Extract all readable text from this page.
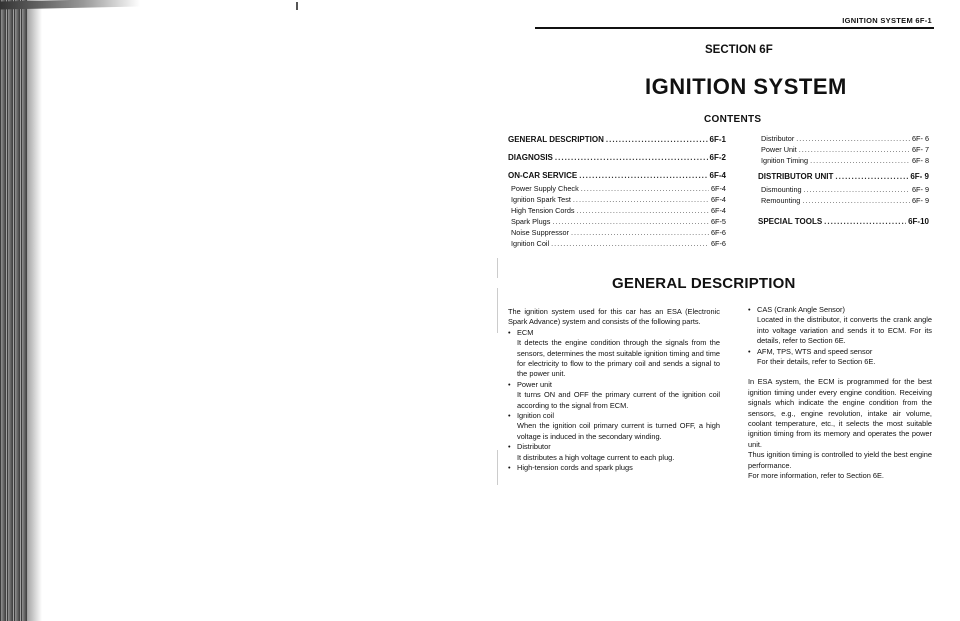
IGNITION SYSTEM 6F-1
SECTION 6F
IGNITION SYSTEM
CONTENTS
GENERAL DESCRIPTION .....	6F-1
DIAGNOSIS .....	6F-2
ON-CAR SERVICE .....	6F-4
Power Supply Check .....	6F-4
Ignition Spark Test .....	6F-4
High Tension Cords .....	6F-4
Spark Plugs .....	6F-5
Noise Suppressor .....	6F-6
Ignition Coil .....	6F-6
Distributor .....	6F- 6
Power Unit .....	6F- 7
Ignition Timing .....	6F- 8
DISTRIBUTOR UNIT .....	6F- 9
Dismounting .....	6F- 9
Remounting .....	6F- 9
SPECIAL TOOLS .....	6F-10
GENERAL DESCRIPTION

The ignition system used for this car has an ESA (Electronic Spark Advance) system and consists of the following parts.

• ECM
It detects the engine condition through the signals from the sensors, determines the most suitable ignition timing and time for electricity to flow to the primary coil and sends a signal to the power unit.
• Power unit
It turns ON and OFF the primary current of the ignition coil according to the signal from ECM.
• Ignition coil
When the ignition coil primary current is turned OFF, a high voltage is induced in the secondary winding.
• Distributor
It distributes a high voltage current to each plug.
• High-tension cords and spark plugs
• CAS (Crank Angle Sensor)
Located in the distributor, it converts the crank angle into voltage variation and sends it to ECM. For its details, refer to Section 6E.
• AFM, TPS, WTS and speed sensor
For their details, refer to Section 6E.

In ESA system, the ECM is programmed for the best ignition timing under every engine condition. Receiving signals which indicate the engine condition from the sensors, e.g., engine revolution, intake air volume, coolant temperature, etc., it selects the most suitable ignition timing from its memory and operates the power unit.

Thus ignition timing is controlled to yield the best engine performance.

For more information, refer to Section 6E.
